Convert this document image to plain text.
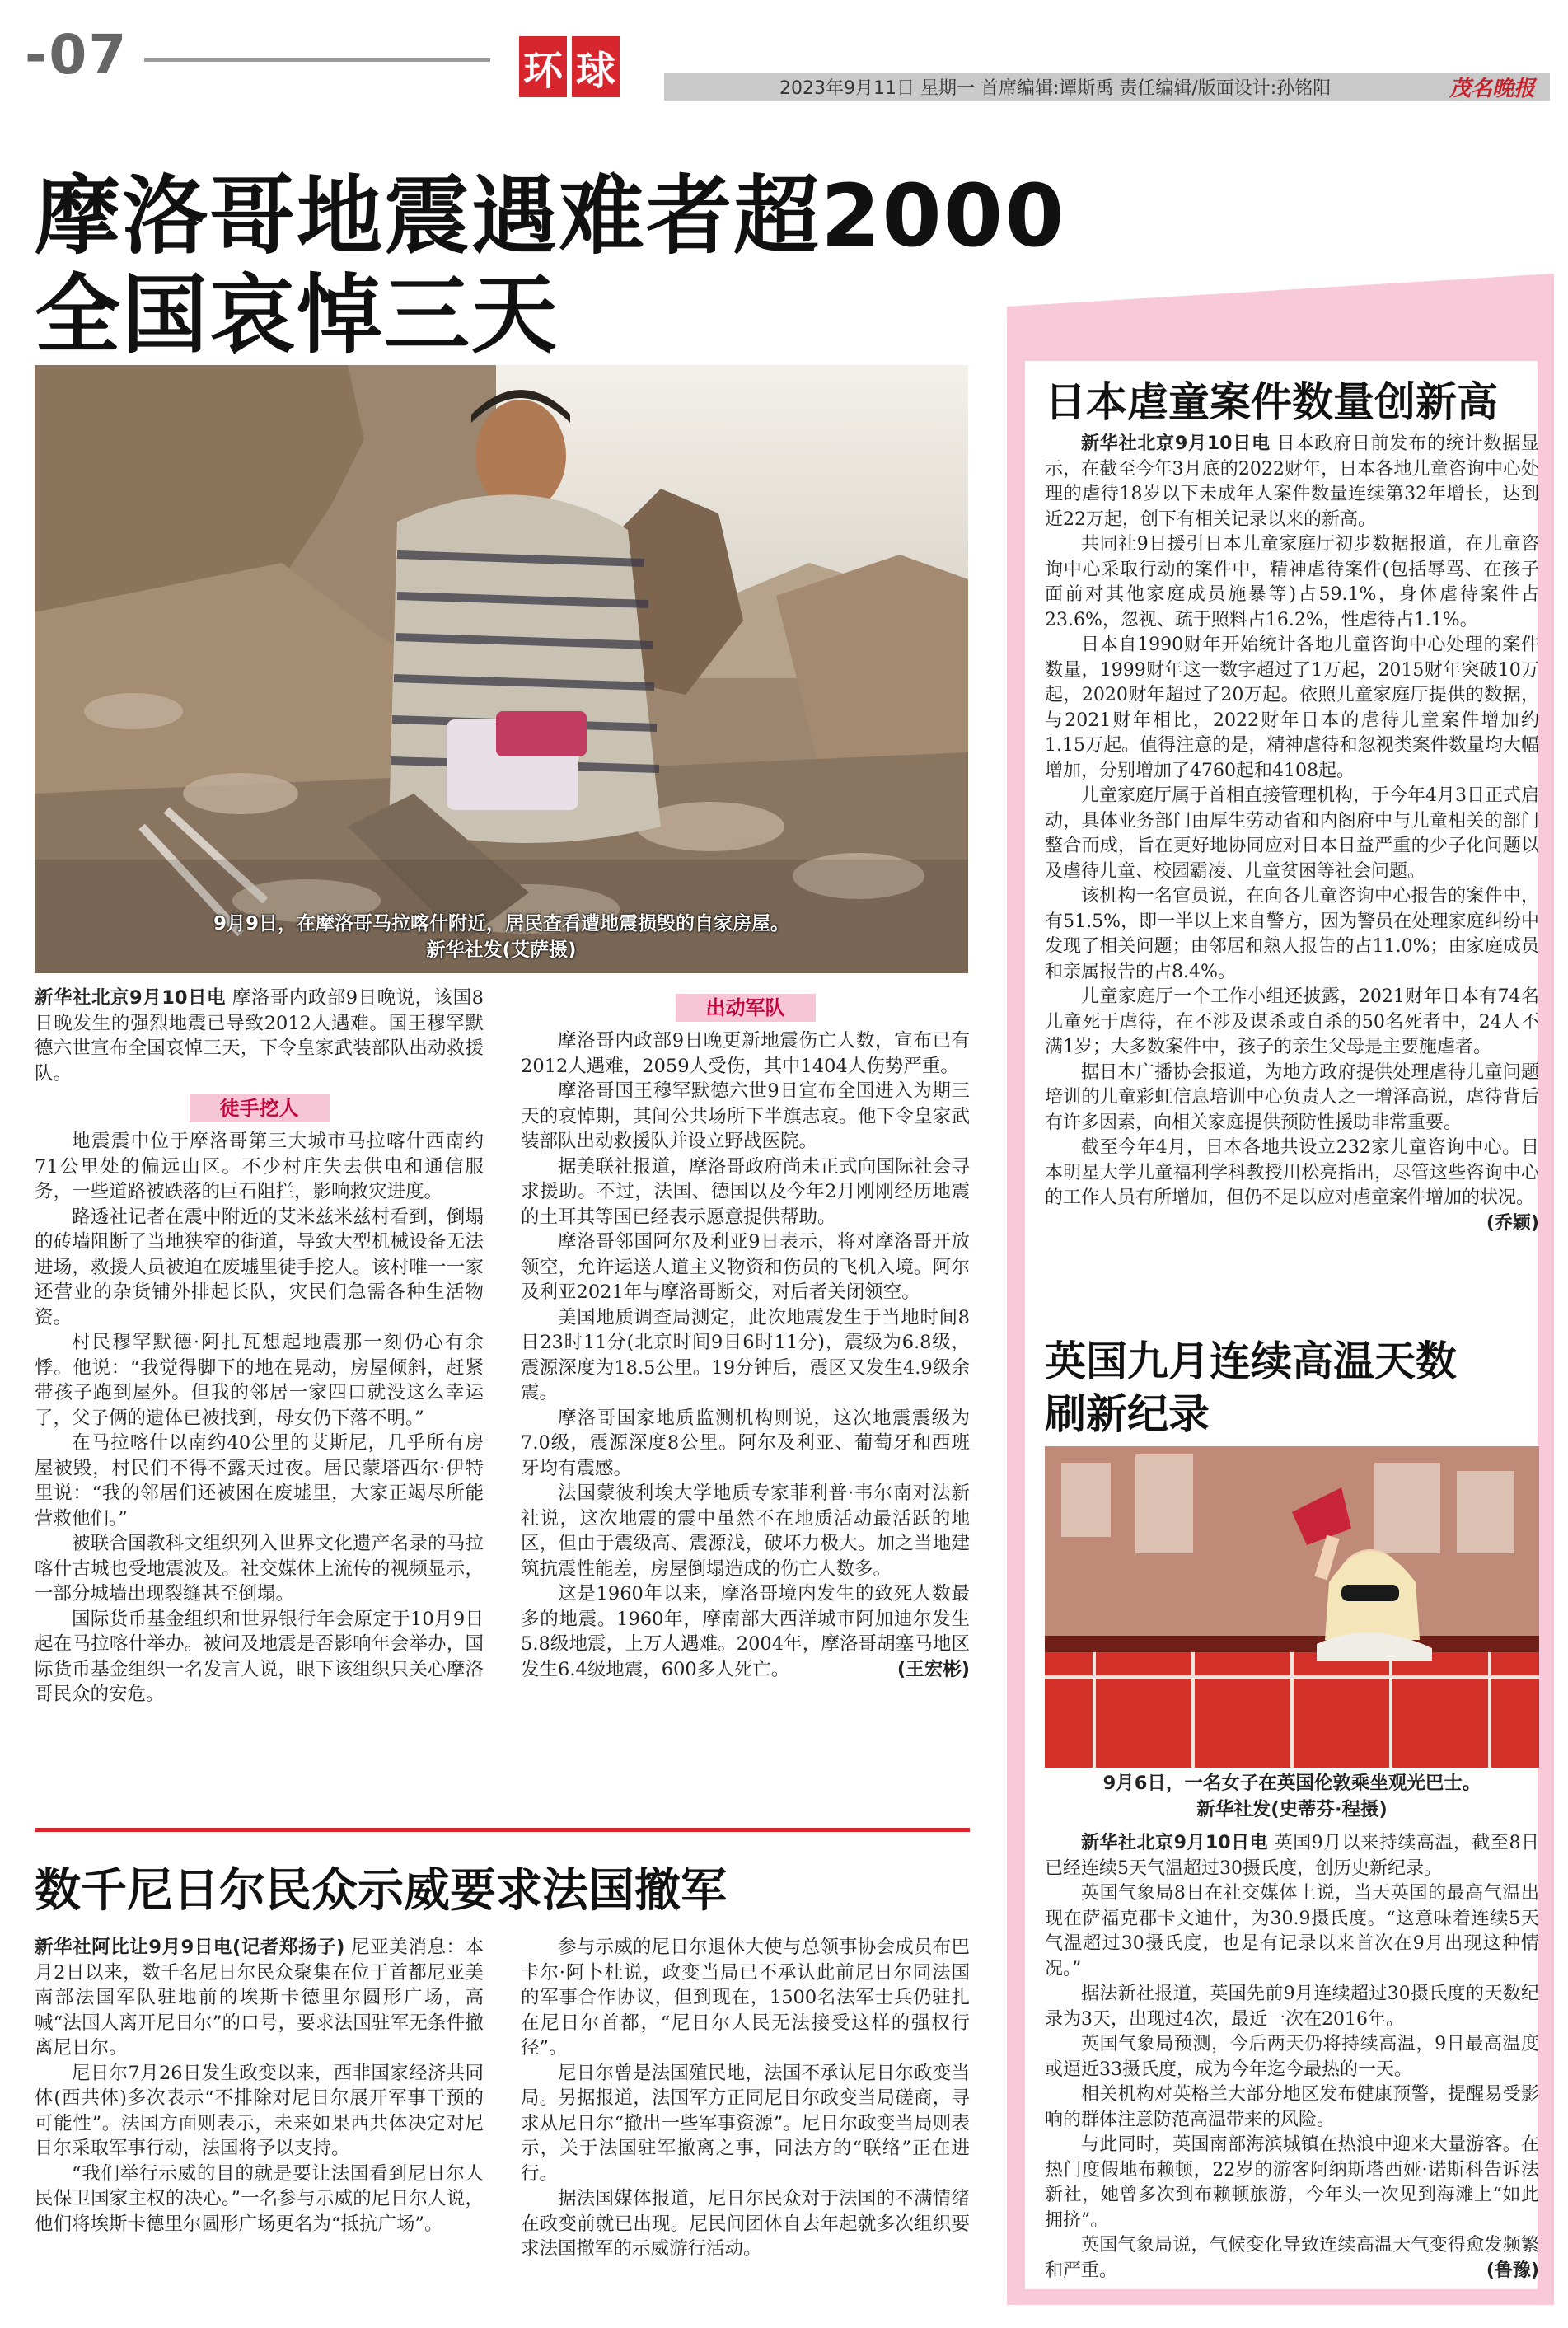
-07	环 球	2023年9月11日 星期一 首席编辑:谭斯禹 责任编辑/版面设计:孙铭阳	茂名晚报
摩洛哥地震遇难者超2000
全国哀悼三天
9月9日，在摩洛哥马拉喀什附近，居民查看遭地震损毁的自家房屋。
新华社发(艾萨摄)

新华社北京9月10日电 摩洛哥内政部9日晚说，该国8日晚发生的强烈地震已导致2012人遇难。国王穆罕默德六世宣布全国哀悼三天，下令皇家武装部队出动救援队。

徒手挖人

地震震中位于摩洛哥第三大城市马拉喀什西南约71公里处的偏远山区。不少村庄失去供电和通信服务，一些道路被跌落的巨石阻拦，影响救灾进度。

路透社记者在震中附近的艾米兹米兹村看到，倒塌的砖墙阻断了当地狭窄的街道，导致大型机械设备无法进场，救援人员被迫在废墟里徒手挖人。该村唯一一家还营业的杂货铺外排起长队，灾民们急需各种生活物资。

村民穆罕默德·阿扎瓦想起地震那一刻仍心有余悸。他说：“我觉得脚下的地在晃动，房屋倾斜，赶紧带孩子跑到屋外。但我的邻居一家四口就没这么幸运了，父子俩的遗体已被找到，母女仍下落不明。”

在马拉喀什以南约40公里的艾斯尼，几乎所有房屋被毁，村民们不得不露天过夜。居民蒙塔西尔·伊特里说：“我的邻居们还被困在废墟里，大家正竭尽所能营救他们。”

被联合国教科文组织列入世界文化遗产名录的马拉喀什古城也受地震波及。社交媒体上流传的视频显示，一部分城墙出现裂缝甚至倒塌。

国际货币基金组织和世界银行年会原定于10月9日起在马拉喀什举办。被问及地震是否影响年会举办，国际货币基金组织一名发言人说，眼下该组织只关心摩洛哥民众的安危。

出动军队

摩洛哥内政部9日晚更新地震伤亡人数，宣布已有2012人遇难，2059人受伤，其中1404人伤势严重。

摩洛哥国王穆罕默德六世9日宣布全国进入为期三天的哀悼期，其间公共场所下半旗志哀。他下令皇家武装部队出动救援队并设立野战医院。

据美联社报道，摩洛哥政府尚未正式向国际社会寻求援助。不过，法国、德国以及今年2月刚刚经历地震的土耳其等国已经表示愿意提供帮助。

摩洛哥邻国阿尔及利亚9日表示，将对摩洛哥开放领空，允许运送人道主义物资和伤员的飞机入境。阿尔及利亚2021年与摩洛哥断交，对后者关闭领空。

美国地质调查局测定，此次地震发生于当地时间8日23时11分(北京时间9日6时11分)，震级为6.8级，震源深度为18.5公里。19分钟后，震区又发生4.9级余震。

摩洛哥国家地质监测机构则说，这次地震震级为7.0级，震源深度8公里。阿尔及利亚、葡萄牙和西班牙均有震感。

法国蒙彼利埃大学地质专家菲利普·韦尔南对法新社说，这次地震的震中虽然不在地质活动最活跃的地区，但由于震级高、震源浅，破坏力极大。加之当地建筑抗震性能差，房屋倒塌造成的伤亡人数多。

这是1960年以来，摩洛哥境内发生的致死人数最多的地震。1960年，摩南部大西洋城市阿加迪尔发生5.8级地震，上万人遇难。2004年，摩洛哥胡塞马地区发生6.4级地震，600多人死亡。	(王宏彬)

数千尼日尔民众示威要求法国撤军

新华社阿比让9月9日电(记者郑扬子) 尼亚美消息：本月2日以来，数千名尼日尔民众聚集在位于首都尼亚美南部法国军队驻地前的埃斯卡德里尔圆形广场，高喊“法国人离开尼日尔”的口号，要求法国驻军无条件撤离尼日尔。

尼日尔7月26日发生政变以来，西非国家经济共同体(西共体)多次表示“不排除对尼日尔展开军事干预的可能性”。法国方面则表示，未来如果西共体决定对尼日尔采取军事行动，法国将予以支持。

“我们举行示威的目的就是要让法国看到尼日尔人民保卫国家主权的决心。”一名参与示威的尼日尔人说，他们将埃斯卡德里尔圆形广场更名为“抵抗广场”。

参与示威的尼日尔退休大使与总领事协会成员布巴卡尔·阿卜杜说，政变当局已不承认此前尼日尔同法国的军事合作协议，但到现在，1500名法军士兵仍驻扎在尼日尔首都，“尼日尔人民无法接受这样的强权行径”。

尼日尔曾是法国殖民地，法国不承认尼日尔政变当局。另据报道，法国军方正同尼日尔政变当局磋商，寻求从尼日尔“撤出一些军事资源”。尼日尔政变当局则表示，关于法国驻军撤离之事，同法方的“联络”正在进行。

据法国媒体报道，尼日尔民众对于法国的不满情绪在政变前就已出现。尼民间团体自去年起就多次组织要求法国撤军的示威游行活动。

日本虐童案件数量创新高

新华社北京9月10日电 日本政府日前发布的统计数据显示，在截至今年3月底的2022财年，日本各地儿童咨询中心处理的虐待18岁以下未成年人案件数量连续第32年增长，达到近22万起，创下有相关记录以来的新高。

共同社9日援引日本儿童家庭厅初步数据报道，在儿童咨询中心采取行动的案件中，精神虐待案件(包括辱骂、在孩子面前对其他家庭成员施暴等)占59.1%，身体虐待案件占23.6%，忽视、疏于照料占16.2%，性虐待占1.1%。

日本自1990财年开始统计各地儿童咨询中心处理的案件数量，1999财年这一数字超过了1万起，2015财年突破10万起，2020财年超过了20万起。依照儿童家庭厅提供的数据，与2021财年相比，2022财年日本的虐待儿童案件增加约1.15万起。值得注意的是，精神虐待和忽视类案件数量均大幅增加，分别增加了4760起和4108起。

儿童家庭厅属于首相直接管理机构，于今年4月3日正式启动，具体业务部门由厚生劳动省和内阁府中与儿童相关的部门整合而成，旨在更好地协同应对日本日益严重的少子化问题以及虐待儿童、校园霸凌、儿童贫困等社会问题。

该机构一名官员说，在向各儿童咨询中心报告的案件中，有51.5%，即一半以上来自警方，因为警员在处理家庭纠纷中发现了相关问题；由邻居和熟人报告的占11.0%；由家庭成员和亲属报告的占8.4%。

儿童家庭厅一个工作小组还披露，2021财年日本有74名儿童死于虐待，在不涉及谋杀或自杀的50名死者中，24人不满1岁；大多数案件中，孩子的亲生父母是主要施虐者。

据日本广播协会报道，为地方政府提供处理虐待儿童问题培训的儿童彩虹信息培训中心负责人之一增泽高说，虐待背后有许多因素，向相关家庭提供预防性援助非常重要。

截至今年4月，日本各地共设立232家儿童咨询中心。日本明星大学儿童福利学科教授川松亮指出，尽管这些咨询中心的工作人员有所增加，但仍不足以应对虐童案件增加的状况。
(乔颖)

英国九月连续高温天数
刷新纪录
9月6日，一名女子在英国伦敦乘坐观光巴士。
新华社发(史蒂芬·程摄)

新华社北京9月10日电 英国9月以来持续高温，截至8日已经连续5天气温超过30摄氏度，创历史新纪录。

英国气象局8日在社交媒体上说，当天英国的最高气温出现在萨福克郡卡文迪什，为30.9摄氏度。“这意味着连续5天气温超过30摄氏度，也是有记录以来首次在9月出现这种情况。”

据法新社报道，英国先前9月连续超过30摄氏度的天数纪录为3天，出现过4次，最近一次在2016年。

英国气象局预测，今后两天仍将持续高温，9日最高温度或逼近33摄氏度，成为今年迄今最热的一天。

相关机构对英格兰大部分地区发布健康预警，提醒易受影响的群体注意防范高温带来的风险。

与此同时，英国南部海滨城镇在热浪中迎来大量游客。在热门度假地布赖顿，22岁的游客阿纳斯塔西娅·诺斯科告诉法新社，她曾多次到布赖顿旅游，今年头一次见到海滩上“如此拥挤”。

英国气象局说，气候变化导致连续高温天气变得愈发频繁和严重。	(鲁豫)
